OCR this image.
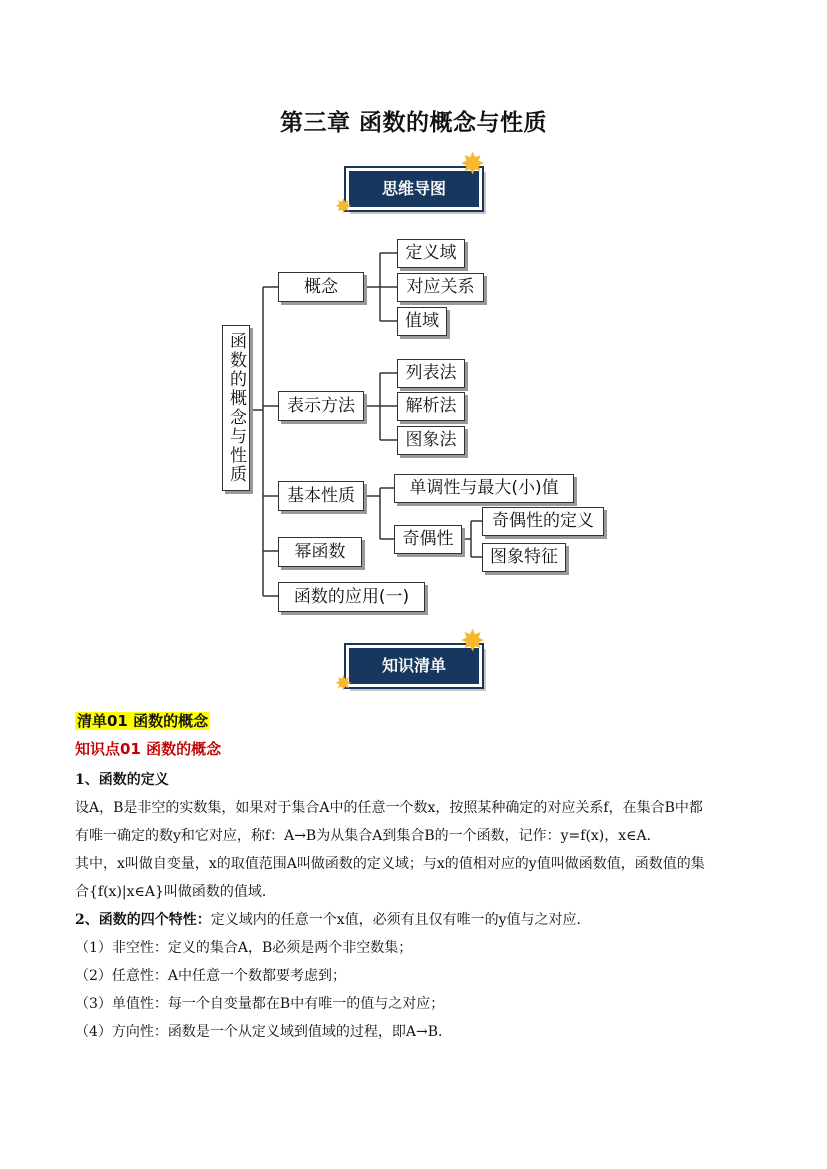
第三章 函数的概念与性质
思维导图
✸
✸
函数的概念与性质
概念
定义域
对应关系
值域
表示方法
列表法
解析法
图象法
基本性质	单调性与最大(小)值
奇偶性
奇偶性的定义
图象特征
幂函数
函数的应用(一)
知识清单
✸
✸
清单01 函数的概念
知识点01 函数的概念
1、函数的定义
设A，B是非空的实数集，如果对于集合A中的任意一个数x，按照某种确定的对应关系f，在集合B中都
有唯一确定的数y和它对应，称f：A→B为从集合A到集合B的一个函数，记作：y=f(x)，x∈A．
其中，x叫做自变量，x的取值范围A叫做函数的定义域；与x的值相对应的y值叫做函数值，函数值的集
合{f(x)|x∈A}叫做函数的值域．
2、函数的四个特性：定义域内的任意一个x值，必须有且仅有唯一的y值与之对应．
（1）非空性：定义的集合A，B必须是两个非空数集；
（2）任意性：A中任意一个数都要考虑到；
（3）单值性：每一个自变量都在B中有唯一的值与之对应；
（4）方向性：函数是一个从定义域到值域的过程，即A→B．
